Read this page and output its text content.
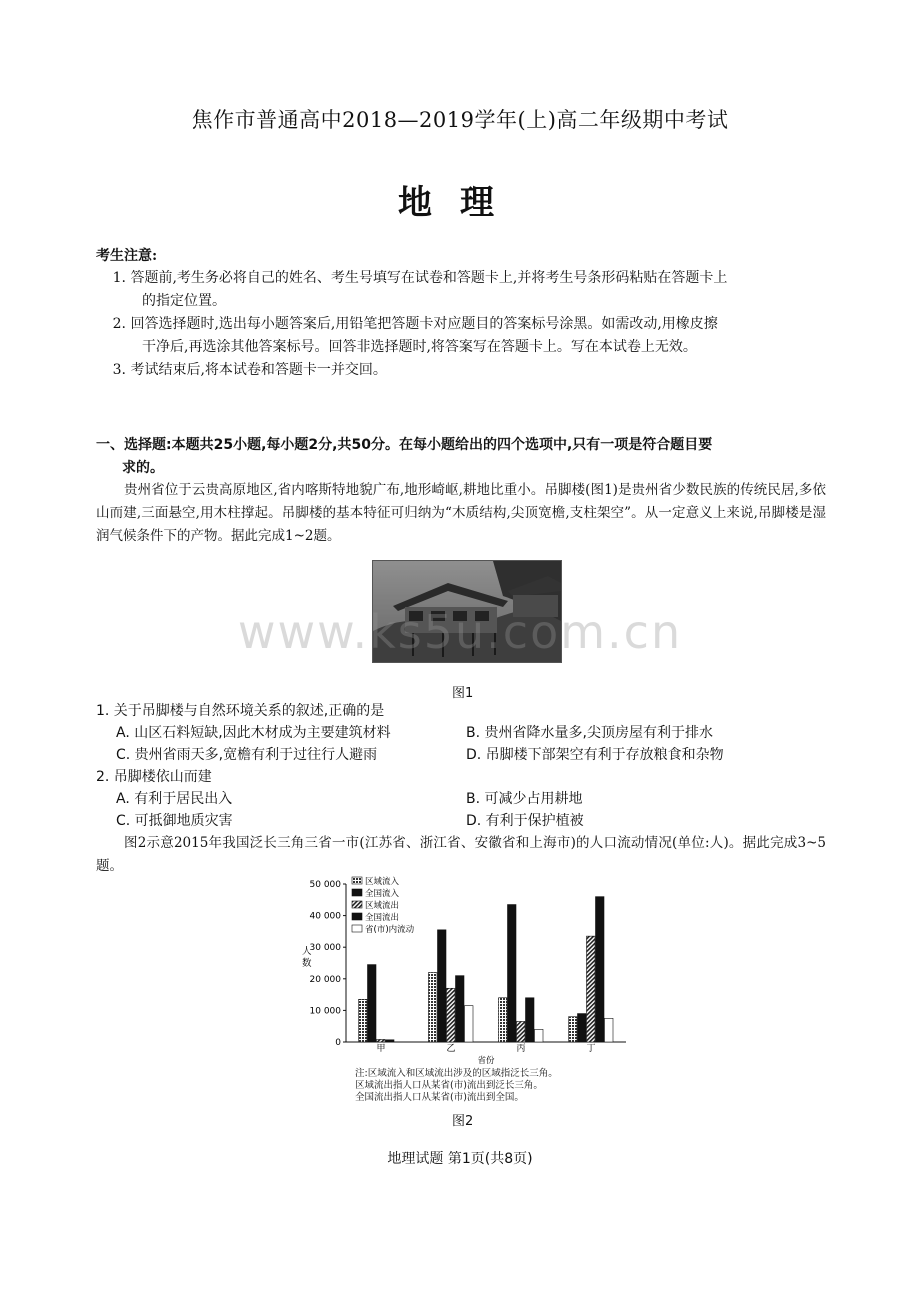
焦作市普通高中2018—2019学年(上)高二年级期中考试
地理
考生注意:
1. 答题前,考生务必将自己的姓名、考生号填写在试卷和答题卡上,并将考生号条形码粘贴在答题卡上
的指定位置。
2. 回答选择题时,选出每小题答案后,用铅笔把答题卡对应题目的答案标号涂黑。如需改动,用橡皮擦
干净后,再选涂其他答案标号。回答非选择题时,将答案写在答题卡上。写在本试卷上无效。
3. 考试结束后,将本试卷和答题卡一并交回。
一、选择题:本题共25小题,每小题2分,共50分。在每小题给出的四个选项中,只有一项是符合题目要
求的。
贵州省位于云贵高原地区,省内喀斯特地貌广布,地形崎岖,耕地比重小。吊脚楼(图1)是贵州省少数民族的传统民居,多依山而建,三面悬空,用木柱撑起。吊脚楼的基本特征可归纳为“木质结构,尖顶宽檐,支柱架空”。从一定意义上来说,吊脚楼是湿润气候条件下的产物。据此完成1~2题。
www.ks5u.com.cn
图1
1. 关于吊脚楼与自然环境关系的叙述,正确的是
A. 山区石料短缺,因此木材成为主要建筑材料	B. 贵州省降水量多,尖顶房屋有利于排水
C. 贵州省雨天多,宽檐有利于过往行人避雨	D. 吊脚楼下部架空有利于存放粮食和杂物
2. 吊脚楼依山而建
A. 有利于居民出入	B. 可减少占用耕地
C. 可抵御地质灾害	D. 有利于保护植被
图2示意2015年我国泛长三角三省一市(江苏省、浙江省、安徽省和上海市)的人口流动情况(单位:人)。据此完成3~5题。
0
10 000
20 000
30 000
40 000
50 000
人
数
甲	乙	丙	丁
省份
区域流入
全国流入
区域流出
全国流出
省(市)内流动
注:区域流入和区域流出涉及的区域指泛长三角。
区域流出指人口从某省(市)流出到泛长三角。
全国流出指人口从某省(市)流出到全国。
图2
地理试题 第1页(共8页)
